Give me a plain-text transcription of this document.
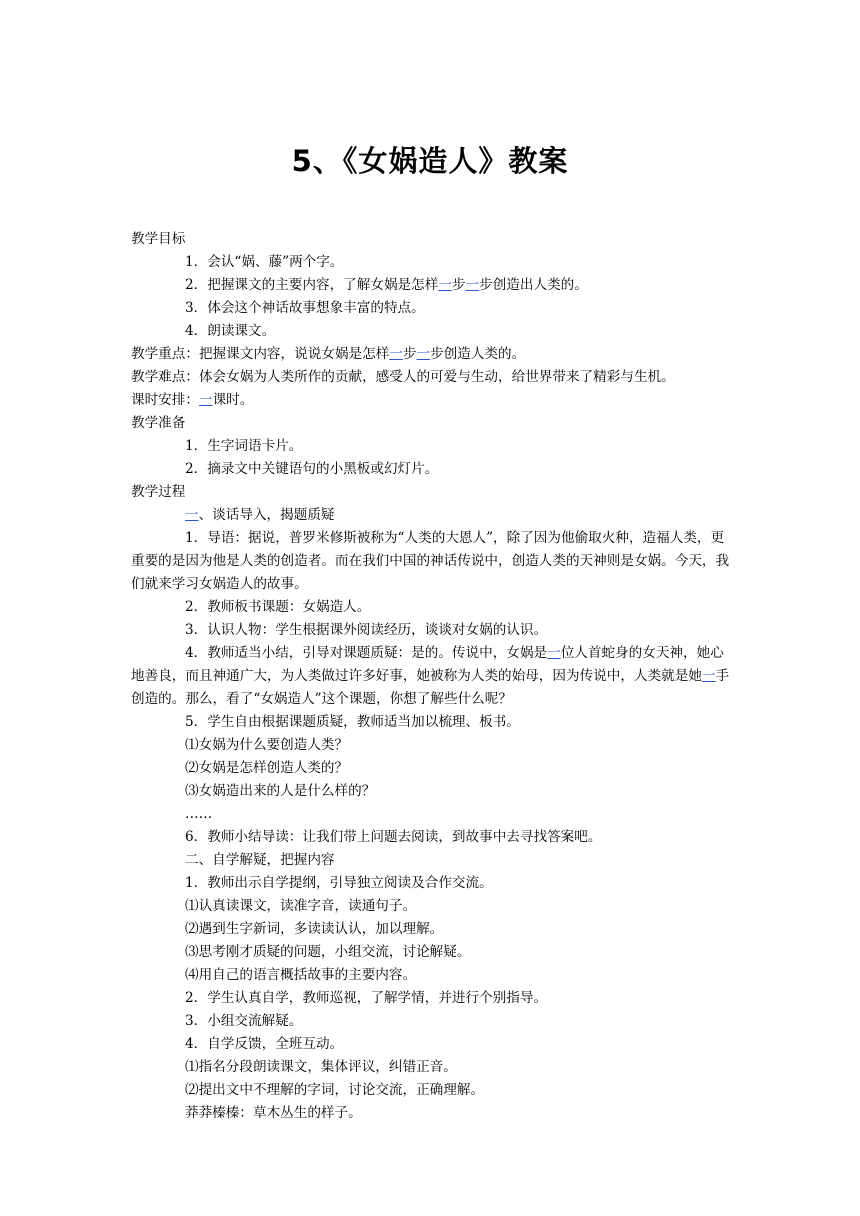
5、《女娲造人》教案

教学目标

1．会认“娲、藤”两个字。

2．把握课文的主要内容，了解女娲是怎样一步一步创造出人类的。

3．体会这个神话故事想象丰富的特点。

4．朗读课文。

教学重点：把握课文内容，说说女娲是怎样一步一步创造人类的。

教学难点：体会女娲为人类所作的贡献，感受人的可爱与生动，给世界带来了精彩与生机。

课时安排：一课时。

教学准备

1．生字词语卡片。

2．摘录文中关键语句的小黑板或幻灯片。

教学过程

一、谈话导入，揭题质疑

1．导语：据说，普罗米修斯被称为“人类的大恩人”，除了因为他偷取火种，造福人类，更重要的是因为他是人类的创造者。而在我们中国的神话传说中，创造人类的天神则是女娲。今天，我们就来学习女娲造人的故事。

2．教师板书课题：女娲造人。

3．认识人物：学生根据课外阅读经历，谈谈对女娲的认识。

4．教师适当小结，引导对课题质疑：是的。传说中，女娲是一位人首蛇身的女天神，她心地善良，而且神通广大，为人类做过许多好事，她被称为人类的始母，因为传说中，人类就是她一手创造的。那么，看了“女娲造人”这个课题，你想了解些什么呢？

5．学生自由根据课题质疑，教师适当加以梳理、板书。

⑴女娲为什么要创造人类？

⑵女娲是怎样创造人类的？

⑶女娲造出来的人是什么样的？

……

6．教师小结导读：让我们带上问题去阅读，到故事中去寻找答案吧。

二、自学解疑，把握内容

1．教师出示自学提纲，引导独立阅读及合作交流。

⑴认真读课文，读准字音，读通句子。

⑵遇到生字新词，多读读认认，加以理解。

⑶思考刚才质疑的问题，小组交流，讨论解疑。

⑷用自己的语言概括故事的主要内容。

2．学生认真自学，教师巡视，了解学情，并进行个别指导。

3．小组交流解疑。

4．自学反馈，全班互动。

⑴指名分段朗读课文，集体评议，纠错正音。

⑵提出文中不理解的字词，讨论交流，正确理解。

莽莽榛榛：草木丛生的样子。
